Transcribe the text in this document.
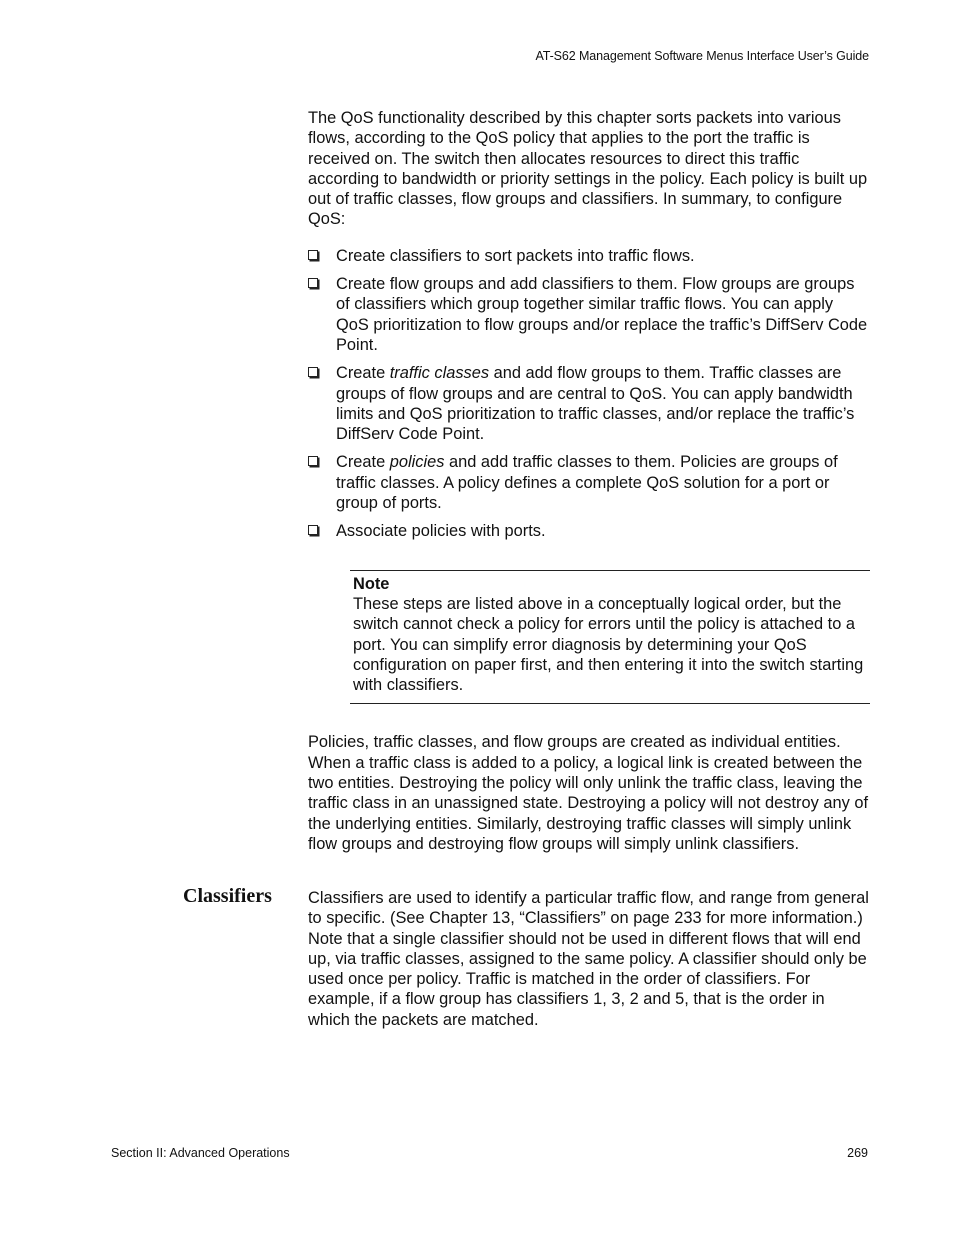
AT-S62 Management Software Menus Interface User’s Guide

The QoS functionality described by this chapter sorts packets into various flows, according to the QoS policy that applies to the port the traffic is received on. The switch then allocates resources to direct this traffic according to bandwidth or priority settings in the policy. Each policy is built up out of traffic classes, flow groups and classifiers. In summary, to configure QoS:

Create classifiers to sort packets into traffic flows.
Create flow groups and add classifiers to them. Flow groups are groups of classifiers which group together similar traffic flows. You can apply QoS prioritization to flow groups and/or replace the traffic’s DiffServ Code Point.
Create traffic classes and add flow groups to them. Traffic classes are groups of flow groups and are central to QoS. You can apply bandwidth limits and QoS prioritization to traffic classes, and/or replace the traffic’s DiffServ Code Point.
Create policies and add traffic classes to them. Policies are groups of traffic classes. A policy defines a complete QoS solution for a port or group of ports.
Associate policies with ports.
Note
These steps are listed above in a conceptually logical order, but the switch cannot check a policy for errors until the policy is attached to a port. You can simplify error diagnosis by determining your QoS configuration on paper first, and then entering it into the switch starting with classifiers.

Policies, traffic classes, and flow groups are created as individual entities. When a traffic class is added to a policy, a logical link is created between the two entities. Destroying the policy will only unlink the traffic class, leaving the traffic class in an unassigned state. Destroying a policy will not destroy any of the underlying entities. Similarly, destroying traffic classes will simply unlink flow groups and destroying flow groups will simply unlink classifiers.

Classifiers Classifiers are used to identify a particular traffic flow, and range from general to specific. (See Chapter 13, “Classifiers” on page 233 for more information.) Note that a single classifier should not be used in different flows that will end up, via traffic classes, assigned to the same policy. A classifier should only be used once per policy. Traffic is matched in the order of classifiers. For example, if a flow group has classifiers 1, 3, 2 and 5, that is the order in which the packets are matched.

Section II: Advanced Operations	269
